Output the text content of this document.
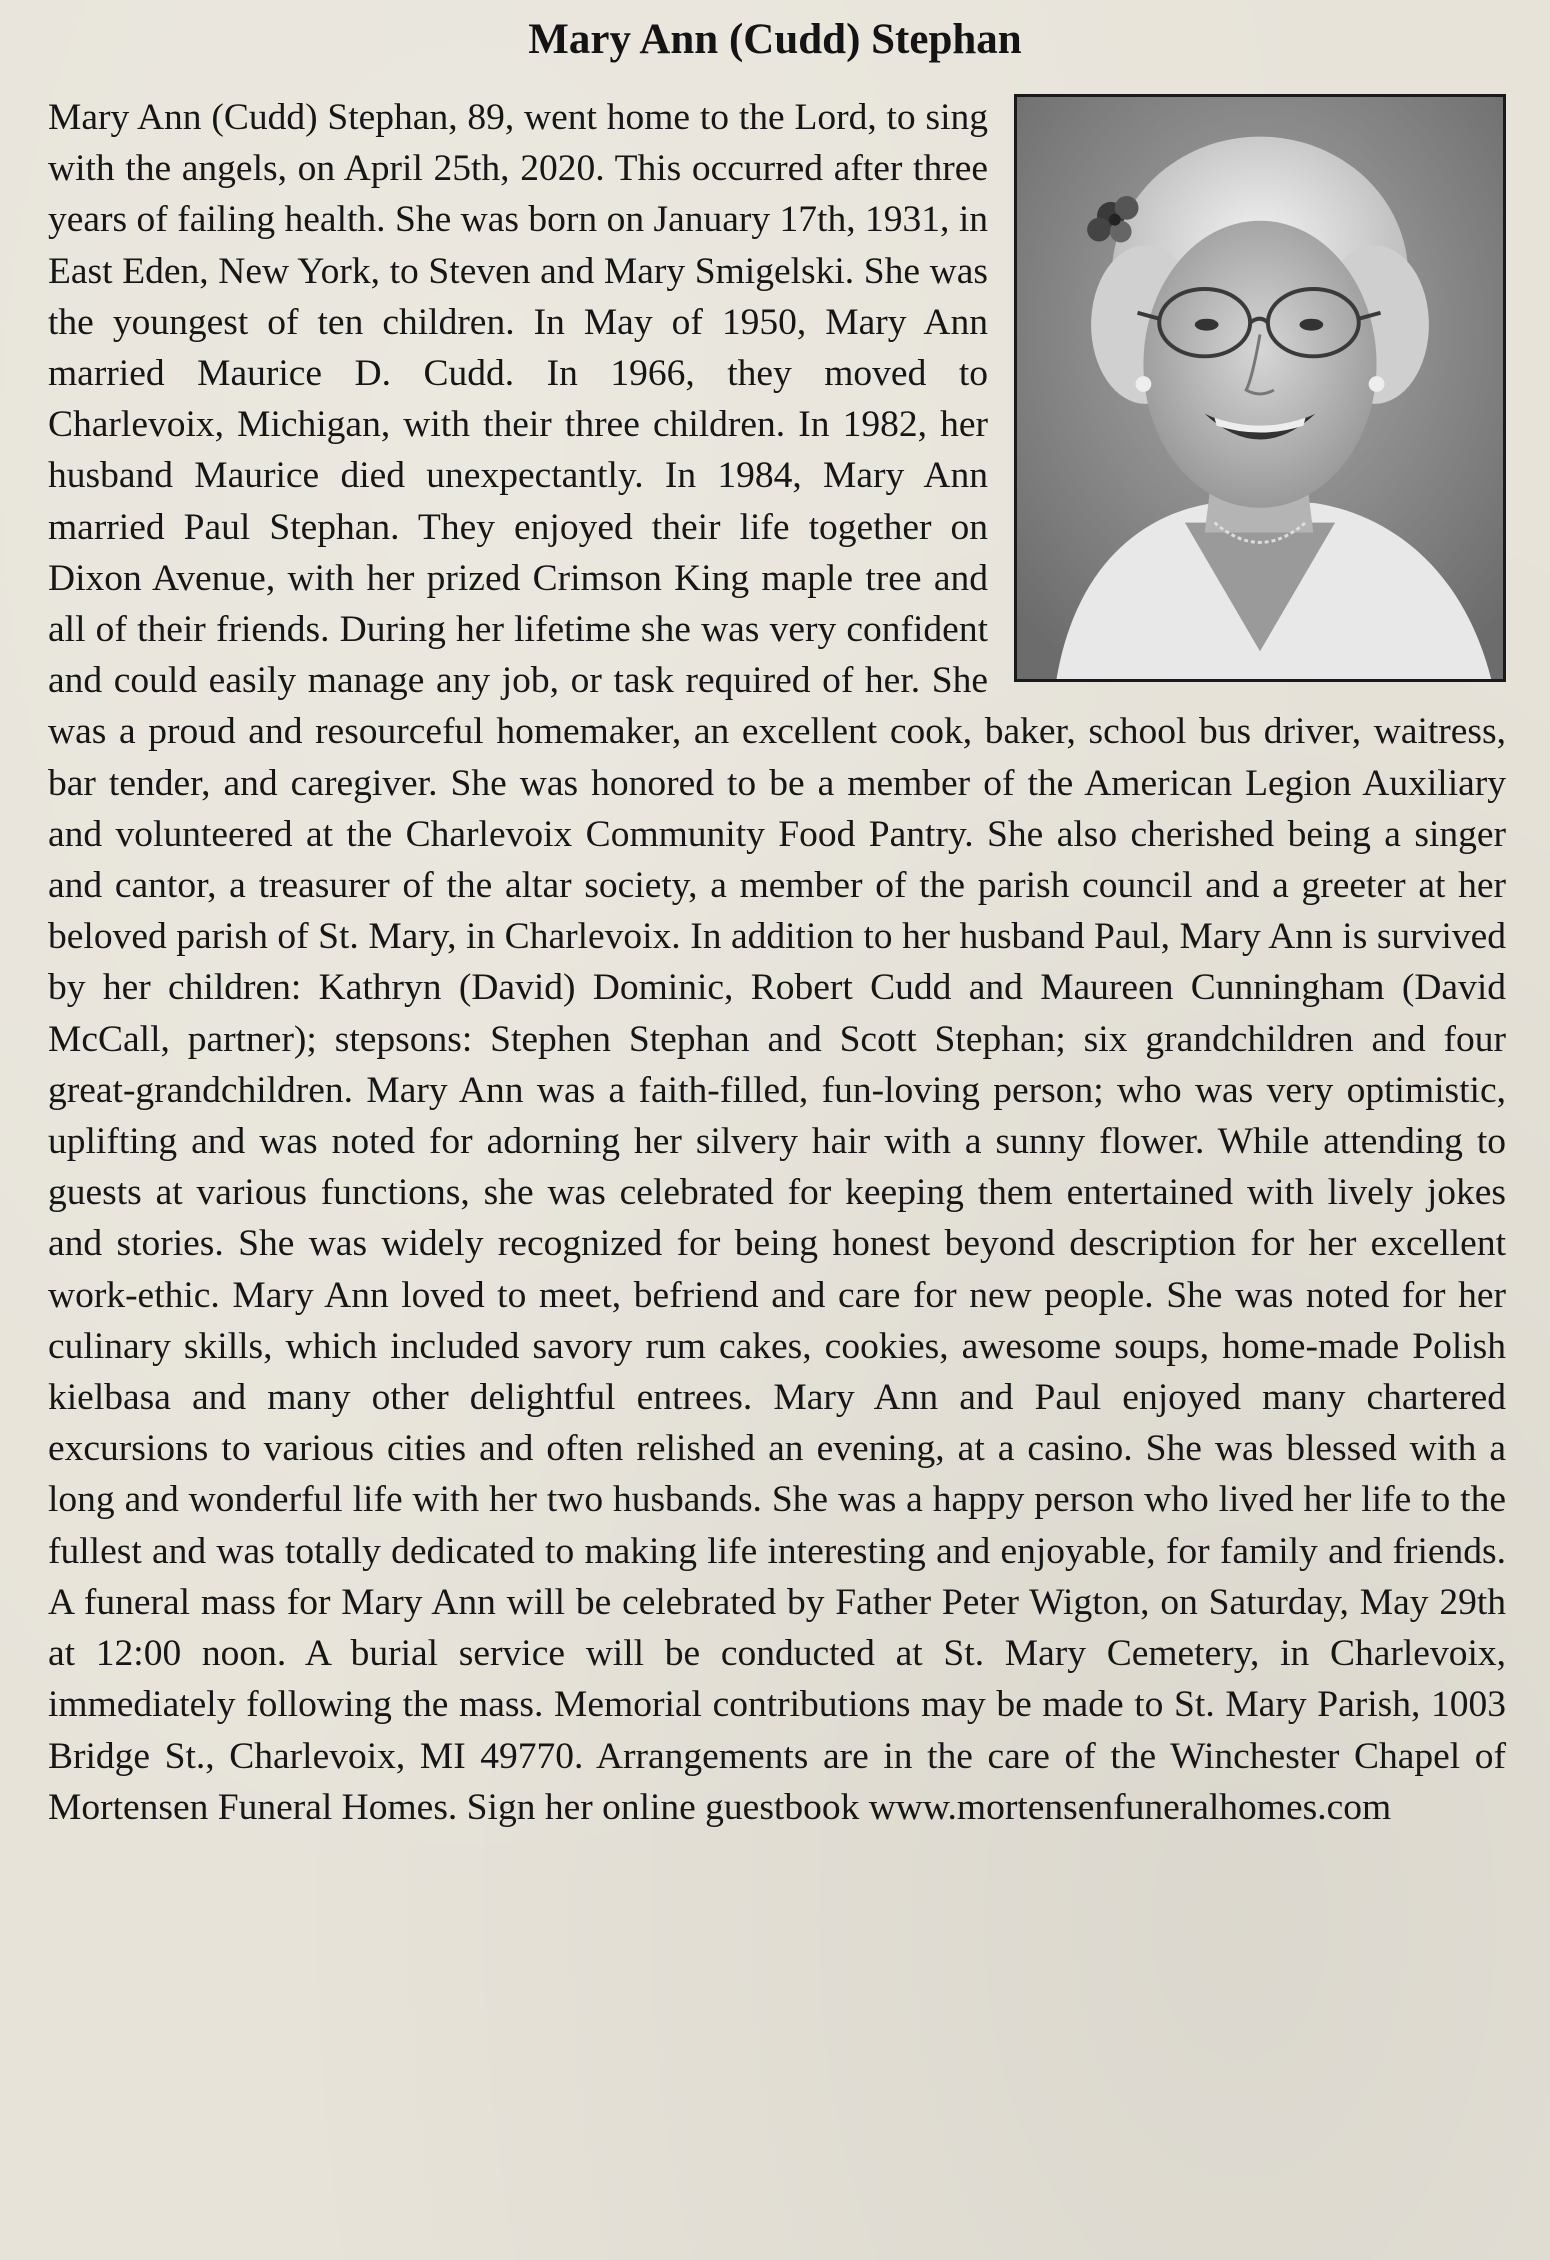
Mary Ann (Cudd) Stephan
Mary Ann (Cudd) Stephan, 89, went home to the Lord, to sing with the angels, on April 25th, 2020. This occurred after three years of failing health. She was born on January 17th, 1931, in East Eden, New York, to Steven and Mary Smigelski. She was the youngest of ten children. In May of 1950, Mary Ann married Maurice D. Cudd. In 1966, they moved to Charlevoix, Michigan, with their three children. In 1982, her husband Maurice died unexpectantly. In 1984, Mary Ann married Paul Stephan. They enjoyed their life together on Dixon Avenue, with her prized Crimson King maple tree and all of their friends. During her lifetime she was very confident and could easily manage any job, or task required of her. She was a proud and resourceful homemaker, an excellent cook, baker, school bus driver, waitress, bar tender, and caregiver. She was honored to be a member of the American Legion Auxiliary and volunteered at the Charlevoix Community Food Pantry. She also cherished being a singer and cantor, a treasurer of the altar society, a member of the parish council and a greeter at her beloved parish of St. Mary, in Charlevoix. In addition to her husband Paul, Mary Ann is survived by her children: Kathryn (David) Dominic, Robert Cudd and Maureen Cunningham (David McCall, partner); stepsons: Stephen Stephan and Scott Stephan; six grandchildren and four great-grandchildren. Mary Ann was a faith-filled, fun-loving person; who was very optimistic, uplifting and was noted for adorning her silvery hair with a sunny flower. While attending to guests at various functions, she was celebrated for keeping them entertained with lively jokes and stories. She was widely recognized for being honest beyond description for her excellent work-ethic. Mary Ann loved to meet, befriend and care for new people. She was noted for her culinary skills, which included savory rum cakes, cookies, awesome soups, home-made Polish kielbasa and many other delightful entrees. Mary Ann and Paul enjoyed many chartered excursions to various cities and often relished an evening, at a casino. She was blessed with a long and wonderful life with her two husbands. She was a happy person who lived her life to the fullest and was totally dedicated to making life interesting and enjoyable, for family and friends. A funeral mass for Mary Ann will be celebrated by Father Peter Wigton, on Saturday, May 29th at 12:00 noon. A burial service will be conducted at St. Mary Cemetery, in Charlevoix, immediately following the mass. Memorial contributions may be made to St. Mary Parish, 1003 Bridge St., Charlevoix, MI 49770. Arrangements are in the care of the Winchester Chapel of Mortensen Funeral Homes. Sign her online guestbook www.​mortensenfuneralhomes.com
